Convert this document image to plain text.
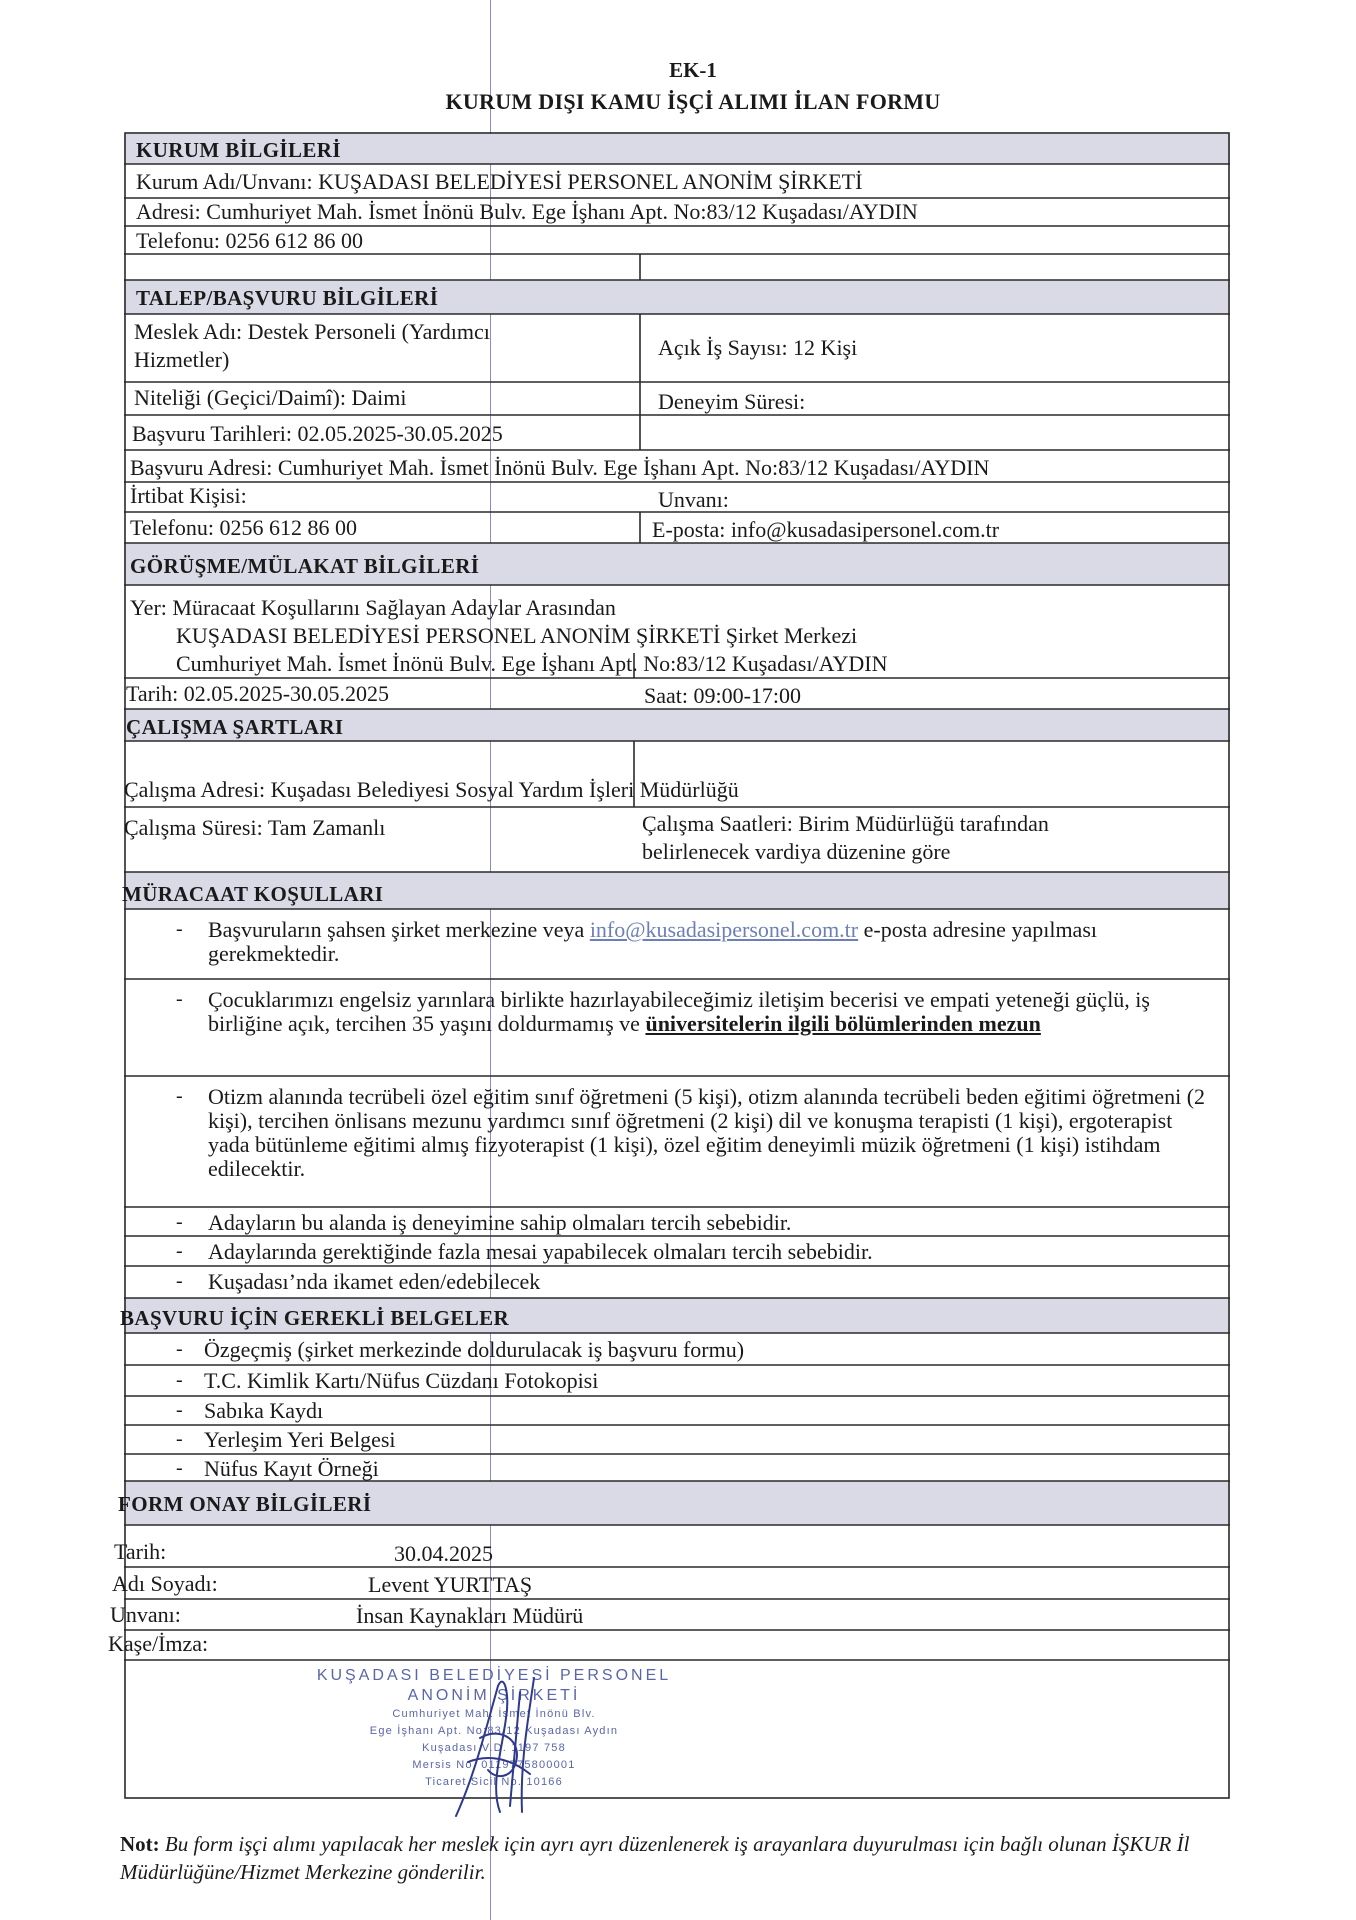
EK-1
KURUM DIŞI KAMU İŞÇİ ALIMI İLAN FORMU
KURUM BİLGİLERİ
Kurum Adı/Unvanı: KUŞADASI BELEDİYESİ PERSONEL ANONİM ŞİRKETİ
Adresi: Cumhuriyet Mah. İsmet İnönü Bulv. Ege İşhanı Apt. No:83/12 Kuşadası/AYDIN
Telefonu: 0256 612 86 00
TALEP/BAŞVURU BİLGİLERİ
Meslek Adı: Destek Personeli (Yardımcı
Hizmetler)	Açık İş Sayısı: 12 Kişi
Niteliği (Geçici/Daimî): Daimi	Deneyim Süresi:
Başvuru Tarihleri: 02.05.2025-30.05.2025
Başvuru Adresi: Cumhuriyet Mah. İsmet İnönü Bulv. Ege İşhanı Apt. No:83/12 Kuşadası/AYDIN
İrtibat Kişisi:	Unvanı:
Telefonu: 0256 612 86 00	E-posta: info@kusadasipersonel.com.tr
GÖRÜŞME/MÜLAKAT BİLGİLERİ
Yer: Müracaat Koşullarını Sağlayan Adaylar Arasından
KUŞADASI BELEDİYESİ PERSONEL ANONİM ŞİRKETİ Şirket Merkezi
Cumhuriyet Mah. İsmet İnönü Bulv. Ege İşhanı Apt. No:83/12 Kuşadası/AYDIN
Tarih: 02.05.2025-30.05.2025	Saat: 09:00-17:00
ÇALIŞMA ŞARTLARI
Çalışma Adresi: Kuşadası Belediyesi Sosyal Yardım İşleri Müdürlüğü
Çalışma Süresi: Tam Zamanlı	Çalışma Saatleri: Birim Müdürlüğü tarafından
belirlenecek vardiya düzenine göre
MÜRACAAT KOŞULLARI
- Başvuruların şahsen şirket merkezine veya info@kusadasipersonel.com.tr e-posta adresine yapılması gerekmektedir.
- Çocuklarımızı engelsiz yarınlara birlikte hazırlayabileceğimiz iletişim becerisi ve empati yeteneği güçlü, iş birliğine açık, tercihen 35 yaşını doldurmamış ve üniversitelerin ilgili bölümlerinden mezun
- Otizm alanında tecrübeli özel eğitim sınıf öğretmeni (5 kişi), otizm alanında tecrübeli beden eğitimi öğretmeni (2 kişi), tercihen önlisans mezunu yardımcı sınıf öğretmeni (2 kişi) dil ve konuşma terapisti (1 kişi), ergoterapist yada bütünleme eğitimi almış fizyoterapist (1 kişi), özel eğitim deneyimli müzik öğretmeni (1 kişi) istihdam edilecektir.
- Adayların bu alanda iş deneyimine sahip olmaları tercih sebebidir.
- Adaylarında gerektiğinde fazla mesai yapabilecek olmaları tercih sebebidir.
- Kuşadası’nda ikamet eden/edebilecek
BAŞVURU İÇİN GEREKLİ BELGELER
- Özgeçmiş (şirket merkezinde doldurulacak iş başvuru formu)
- T.C. Kimlik Kartı/Nüfus Cüzdanı Fotokopisi
- Sabıka Kaydı
- Yerleşim Yeri Belgesi
- Nüfus Kayıt Örneği
FORM ONAY BİLGİLERİ
Tarih:	30.04.2025
Adı Soyadı:	Levent YURTTAŞ
Unvanı:	İnsan Kaynakları Müdürü
Kaşe/İmza:
KUŞADASI BELEDİYESİ PERSONEL
ANONİM ŞİRKETİ
Cumhuriyet Mah. İsmet İnönü Blv.
Ege İşhanı Apt. No:83/12 Kuşadası Aydın
Kuşadası V.D. 1197 758
Mersis No. 0119775800001
Ticaret Sicil No. 10166
Not: Bu form işçi alımı yapılacak her meslek için ayrı ayrı düzenlenerek iş arayanlara duyurulması için bağlı olunan İŞKUR İl Müdürlüğüne/Hizmet Merkezine gönderilir.
